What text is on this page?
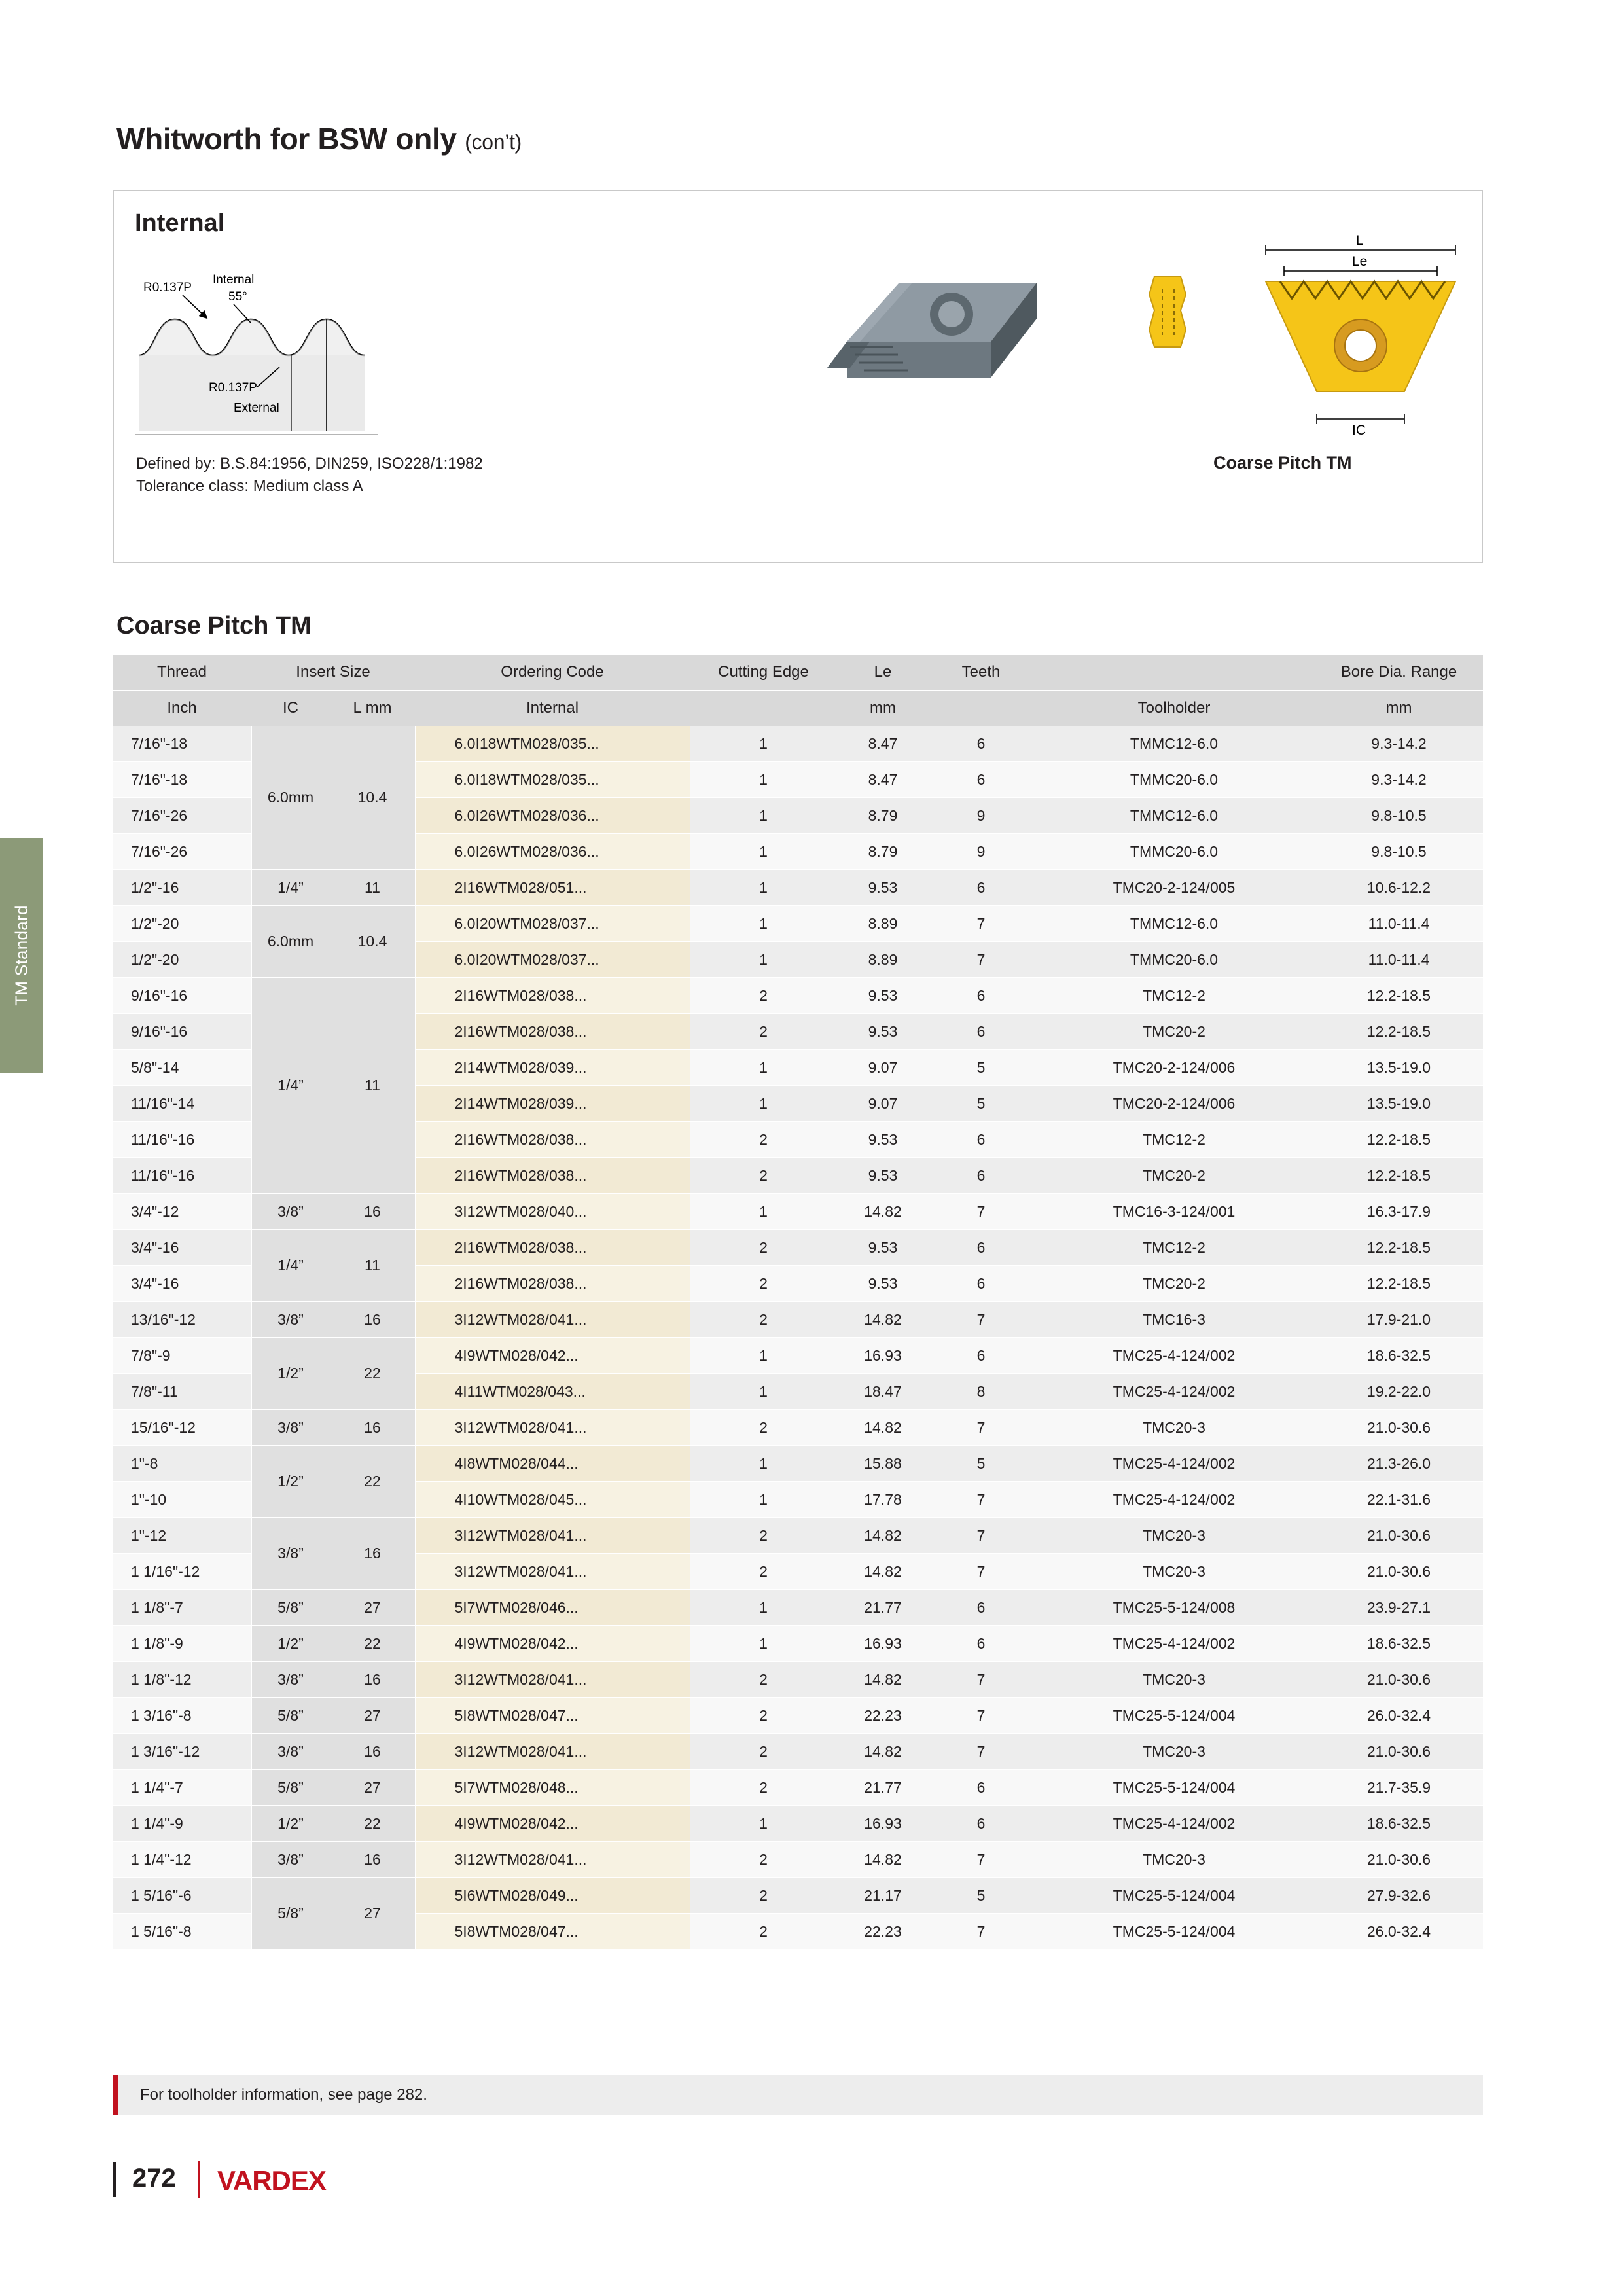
TM Standard
Whitworth for BSW only (con’t)
Internal
R0.137P
Internal
55°
R0.137P
External
Defined by: B.S.84:1956, DIN259, ISO228/1:1982
Tolerance class: Medium class A
L
Le
IC
Coarse Pitch TM
Coarse Pitch TM
Thread	Insert Size		Ordering Code	Cutting Edge	Le	Teeth		Bore Dia. Range
Inch	IC	L mm	Internal		mm		Toolholder	mm
7/16"-18	6.0mm	10.4	6.0I18WTM028/035...	1	8.47	6	TMMC12-6.0	9.3-14.2
7/16"-18			6.0I18WTM028/035...	1	8.47	6	TMMC20-6.0	9.3-14.2
7/16"-26			6.0I26WTM028/036...	1	8.79	9	TMMC12-6.0	9.8-10.5
7/16"-26			6.0I26WTM028/036...	1	8.79	9	TMMC20-6.0	9.8-10.5
1/2"-16	1/4”	11	2I16WTM028/051...	1	9.53	6	TMC20-2-124/005	10.6-12.2
1/2"-20	6.0mm	10.4	6.0I20WTM028/037...	1	8.89	7	TMMC12-6.0	11.0-11.4
1/2"-20			6.0I20WTM028/037...	1	8.89	7	TMMC20-6.0	11.0-11.4
9/16"-16	1/4”	11	2I16WTM028/038...	2	9.53	6	TMC12-2	12.2-18.5
9/16"-16			2I16WTM028/038...	2	9.53	6	TMC20-2	12.2-18.5
5/8"-14			2I14WTM028/039...	1	9.07	5	TMC20-2-124/006	13.5-19.0
11/16"-14			2I14WTM028/039...	1	9.07	5	TMC20-2-124/006	13.5-19.0
11/16"-16			2I16WTM028/038...	2	9.53	6	TMC12-2	12.2-18.5
11/16"-16			2I16WTM028/038...	2	9.53	6	TMC20-2	12.2-18.5
3/4"-12	3/8”	16	3I12WTM028/040...	1	14.82	7	TMC16-3-124/001	16.3-17.9
3/4"-16	1/4”	11	2I16WTM028/038...	2	9.53	6	TMC12-2	12.2-18.5
3/4"-16			2I16WTM028/038...	2	9.53	6	TMC20-2	12.2-18.5
13/16"-12	3/8”	16	3I12WTM028/041...	2	14.82	7	TMC16-3	17.9-21.0
7/8"-9	1/2”	22	4I9WTM028/042...	1	16.93	6	TMC25-4-124/002	18.6-32.5
7/8"-11			4I11WTM028/043...	1	18.47	8	TMC25-4-124/002	19.2-22.0
15/16"-12	3/8”	16	3I12WTM028/041...	2	14.82	7	TMC20-3	21.0-30.6
1"-8	1/2”	22	4I8WTM028/044...	1	15.88	5	TMC25-4-124/002	21.3-26.0
1"-10			4I10WTM028/045...	1	17.78	7	TMC25-4-124/002	22.1-31.6
1"-12	3/8”	16	3I12WTM028/041...	2	14.82	7	TMC20-3	21.0-30.6
1 1/16"-12			3I12WTM028/041...	2	14.82	7	TMC20-3	21.0-30.6
1 1/8"-7	5/8”	27	5I7WTM028/046...	1	21.77	6	TMC25-5-124/008	23.9-27.1
1 1/8"-9	1/2”	22	4I9WTM028/042...	1	16.93	6	TMC25-4-124/002	18.6-32.5
1 1/8"-12	3/8”	16	3I12WTM028/041...	2	14.82	7	TMC20-3	21.0-30.6
1 3/16"-8	5/8”	27	5I8WTM028/047...	2	22.23	7	TMC25-5-124/004	26.0-32.4
1 3/16"-12	3/8”	16	3I12WTM028/041...	2	14.82	7	TMC20-3	21.0-30.6
1 1/4"-7	5/8”	27	5I7WTM028/048...	2	21.77	6	TMC25-5-124/004	21.7-35.9
1 1/4"-9	1/2”	22	4I9WTM028/042...	1	16.93	6	TMC25-4-124/002	18.6-32.5
1 1/4"-12	3/8”	16	3I12WTM028/041...	2	14.82	7	TMC20-3	21.0-30.6
1 5/16"-6	5/8”	27	5I6WTM028/049...	2	21.17	5	TMC25-5-124/004	27.9-32.6
1 5/16"-8			5I8WTM028/047...	2	22.23	7	TMC25-5-124/004	26.0-32.4
For toolholder information, see page 282.
272 VARDEX
